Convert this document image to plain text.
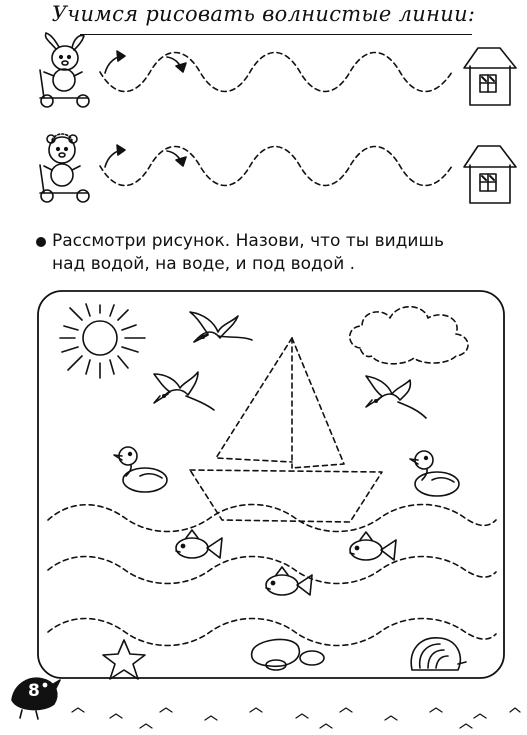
Учимся рисовать волнистые линии:
Рассмотри рисунок. Назови, что ты видишь
над водой, на воде, и под водой .
8
